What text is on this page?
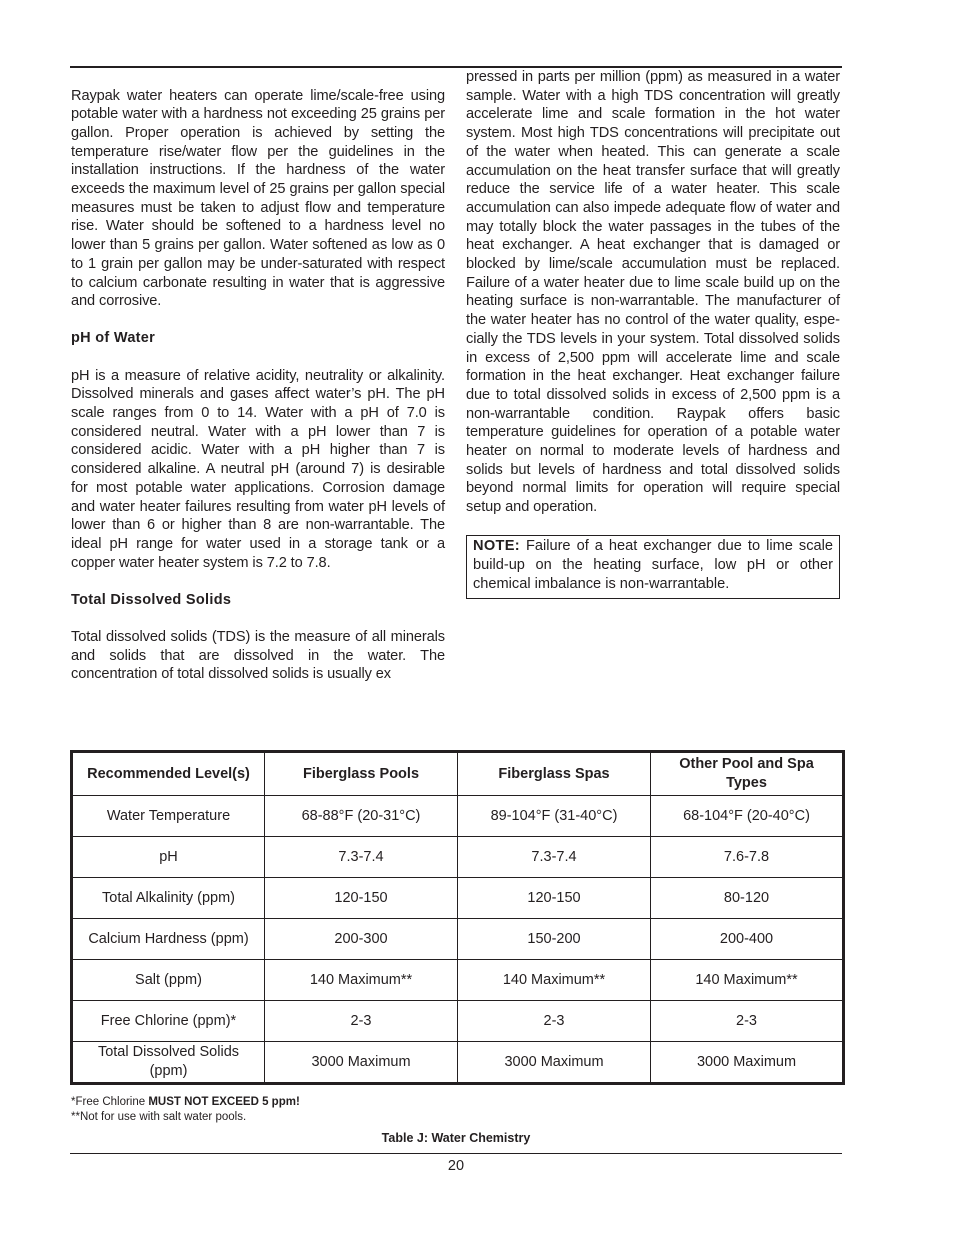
Raypak water heaters can operate lime/scale-free using potable water with a hardness not exceeding 25 grains per gallon. Proper operation is achieved by setting the temperature rise/water flow per the guidelines in the installation instructions. If the hardness of the water exceeds the maximum level of 25 grains per gallon special measures must be taken to adjust flow and temperature rise. Water should be softened to a hardness level no lower than 5 grains per gallon. Water softened as low as 0 to 1 grain per gallon may be under-saturated with respect to calcium carbonate resulting in water that is aggressive and corrosive.

pH of Water

pH is a measure of relative acidity, neutrality or alkalinity. Dissolved minerals and gases affect water’s pH. The pH scale ranges from 0 to 14. Water with a pH of 7.0 is considered neutral. Water with a pH lower than 7 is considered acidic. Water with a pH higher than 7 is considered alkaline. A neutral pH (around 7) is desirable for most potable water applications. Corrosion damage and water heater failures resulting from water pH levels of lower than 6 or higher than 8 are non-warrantable. The ideal pH range for water used in a storage tank or a copper water heater system is 7.2 to 7.8.

Total Dissolved Solids

Total dissolved solids (TDS) is the measure of all minerals and solids that are dissolved in the water. The concentration of total dissolved solids is usually ex

pressed in parts per million (ppm) as measured in a water sample. Water with a high TDS concentration will greatly accelerate lime and scale formation in the hot water system. Most high TDS concentrations will precipitate out of the water when heated. This can generate a scale accumulation on the heat transfer surface that will greatly reduce the service life of a water heater. This scale accumulation can also impede adequate flow of water and may totally block the water passages in the tubes of the heat exchanger. A heat exchanger that is damaged or blocked by lime/scale accumulation must be replaced. Failure of a water heater due to lime scale build up on the heating surface is non-warrantable. The manufacturer of the water heater has no control of the water quality, especially the TDS levels in your system. Total dissolved solids in excess of 2,500 ppm will accelerate lime and scale formation in the heat exchanger. Heat exchanger failure due to total dissolved solids in excess of 2,500 ppm is a non-warrantable condition. Raypak offers basic temperature guidelines for operation of a potable water heater on normal to moderate levels of hardness and solids but levels of hardness and total dissolved solids beyond normal limits for operation will require special setup and operation.

NOTE: Failure of a heat exchanger due to lime scale build-up on the heating surface, low pH or other chemical imbalance is non-warrantable.
Recommended Level(s)	Fiberglass Pools	Fiberglass Spas	Other Pool and Spa Types
Water Temperature	68-88°F (20-31°C)	89-104°F (31-40°C)	68-104°F (20-40°C)
pH	7.3-7.4	7.3-7.4	7.6-7.8
Total Alkalinity (ppm)	120-150	120-150	80-120
Calcium Hardness (ppm)	200-300	150-200	200-400
Salt (ppm)	140 Maximum**	140 Maximum**	140 Maximum**
Free Chlorine (ppm)*	2-3	2-3	2-3
Total Dissolved Solids (ppm)	3000 Maximum	3000 Maximum	3000 Maximum
*Free Chlorine MUST NOT EXCEED 5 ppm!
**Not for use with salt water pools.
Table J: Water Chemistry
20
